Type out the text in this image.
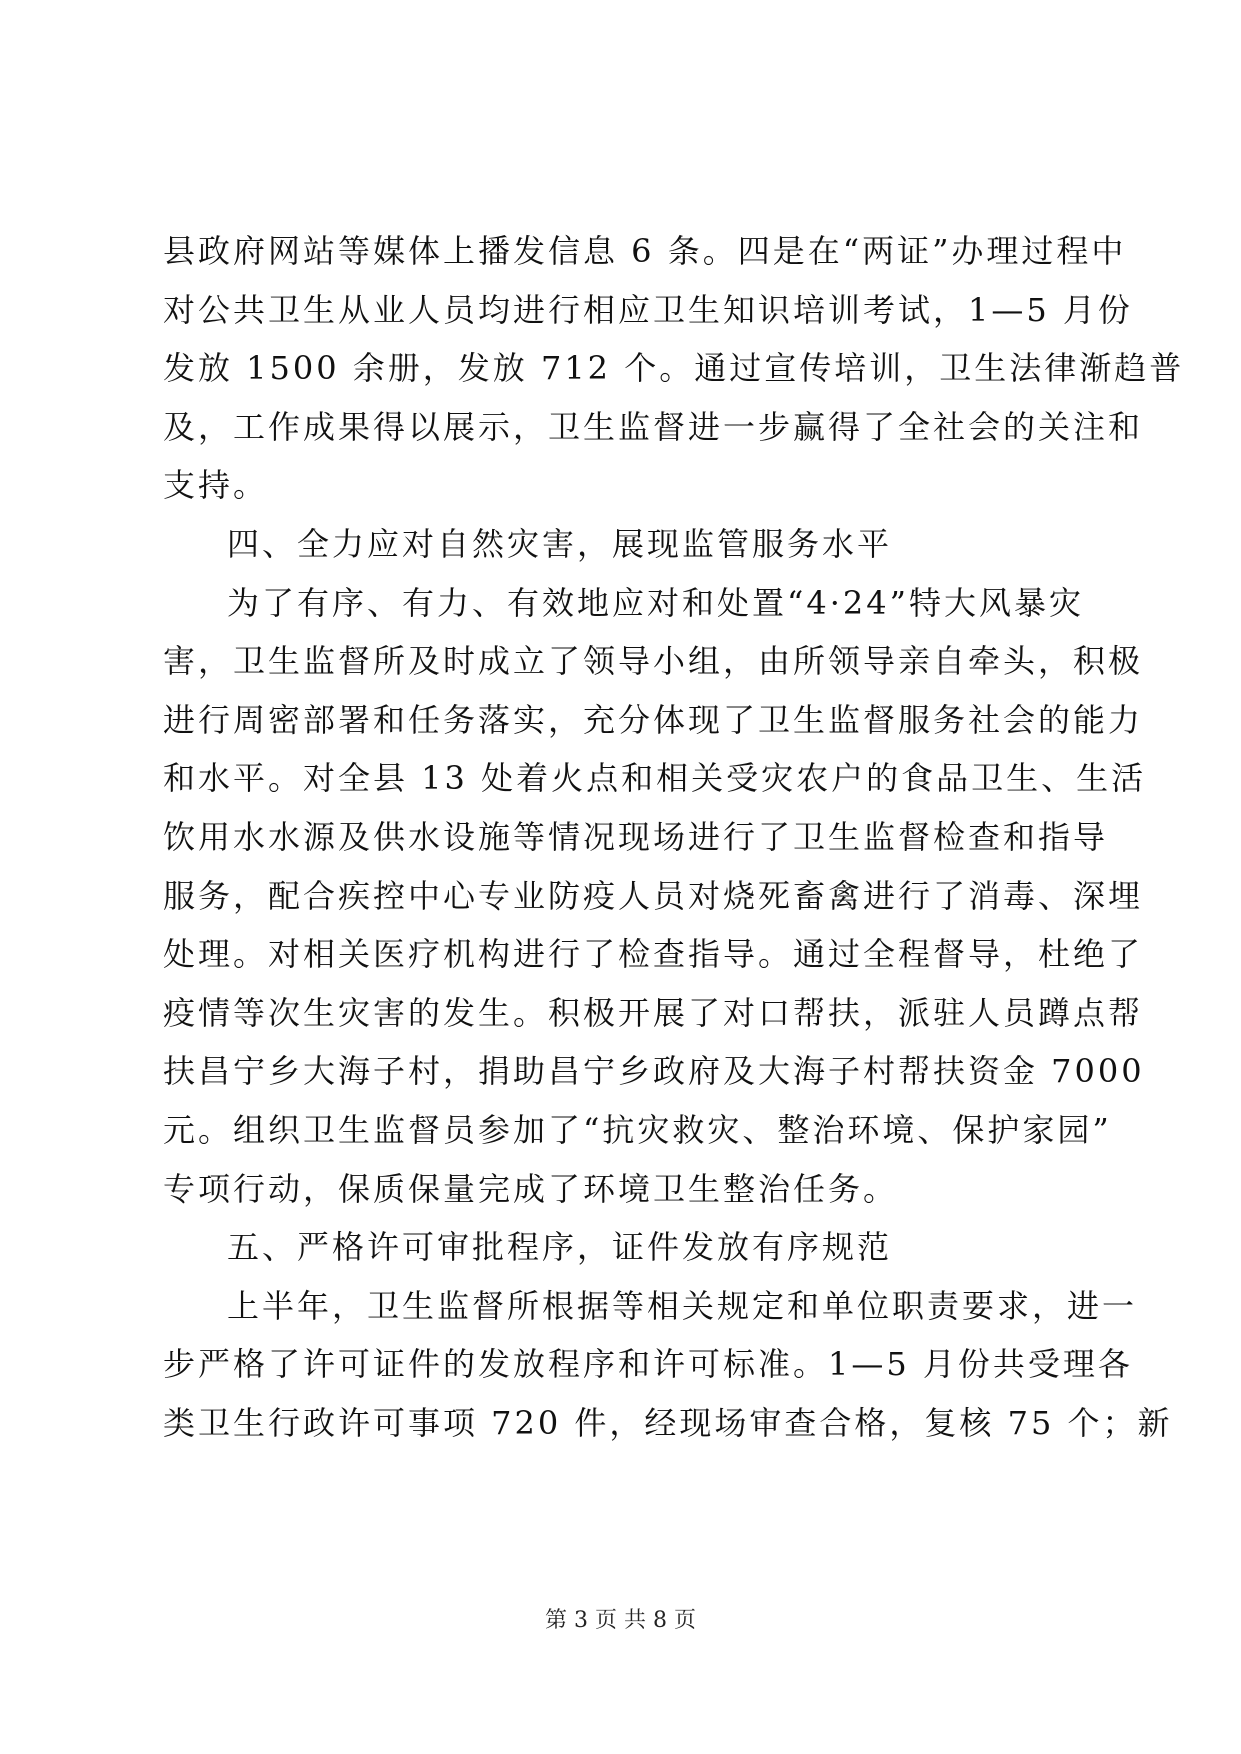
县政府网站等媒体上播发信息 6 条。四是在“两证”办理过程中
对公共卫生从业人员均进行相应卫生知识培训考试，1—5 月份
发放 1500 余册，发放 712 个。通过宣传培训，卫生法律渐趋普
及，工作成果得以展示，卫生监督进一步赢得了全社会的关注和
支持。
四、全力应对自然灾害，展现监管服务水平
为了有序、有力、有效地应对和处置“4·24”特大风暴灾
害，卫生监督所及时成立了领导小组，由所领导亲自牵头，积极
进行周密部署和任务落实，充分体现了卫生监督服务社会的能力
和水平。对全县 13 处着火点和相关受灾农户的食品卫生、生活
饮用水水源及供水设施等情况现场进行了卫生监督检查和指导
服务，配合疾控中心专业防疫人员对烧死畜禽进行了消毒、深埋
处理。对相关医疗机构进行了检查指导。通过全程督导，杜绝了
疫情等次生灾害的发生。积极开展了对口帮扶，派驻人员蹲点帮
扶昌宁乡大海子村，捐助昌宁乡政府及大海子村帮扶资金 7000
元。组织卫生监督员参加了“抗灾救灾、整治环境、保护家园”
专项行动，保质保量完成了环境卫生整治任务。
五、严格许可审批程序，证件发放有序规范
上半年，卫生监督所根据等相关规定和单位职责要求，进一
步严格了许可证件的发放程序和许可标准。1—5 月份共受理各
类卫生行政许可事项 720 件，经现场审查合格，复核 75 个；新
第 3 页 共 8 页
